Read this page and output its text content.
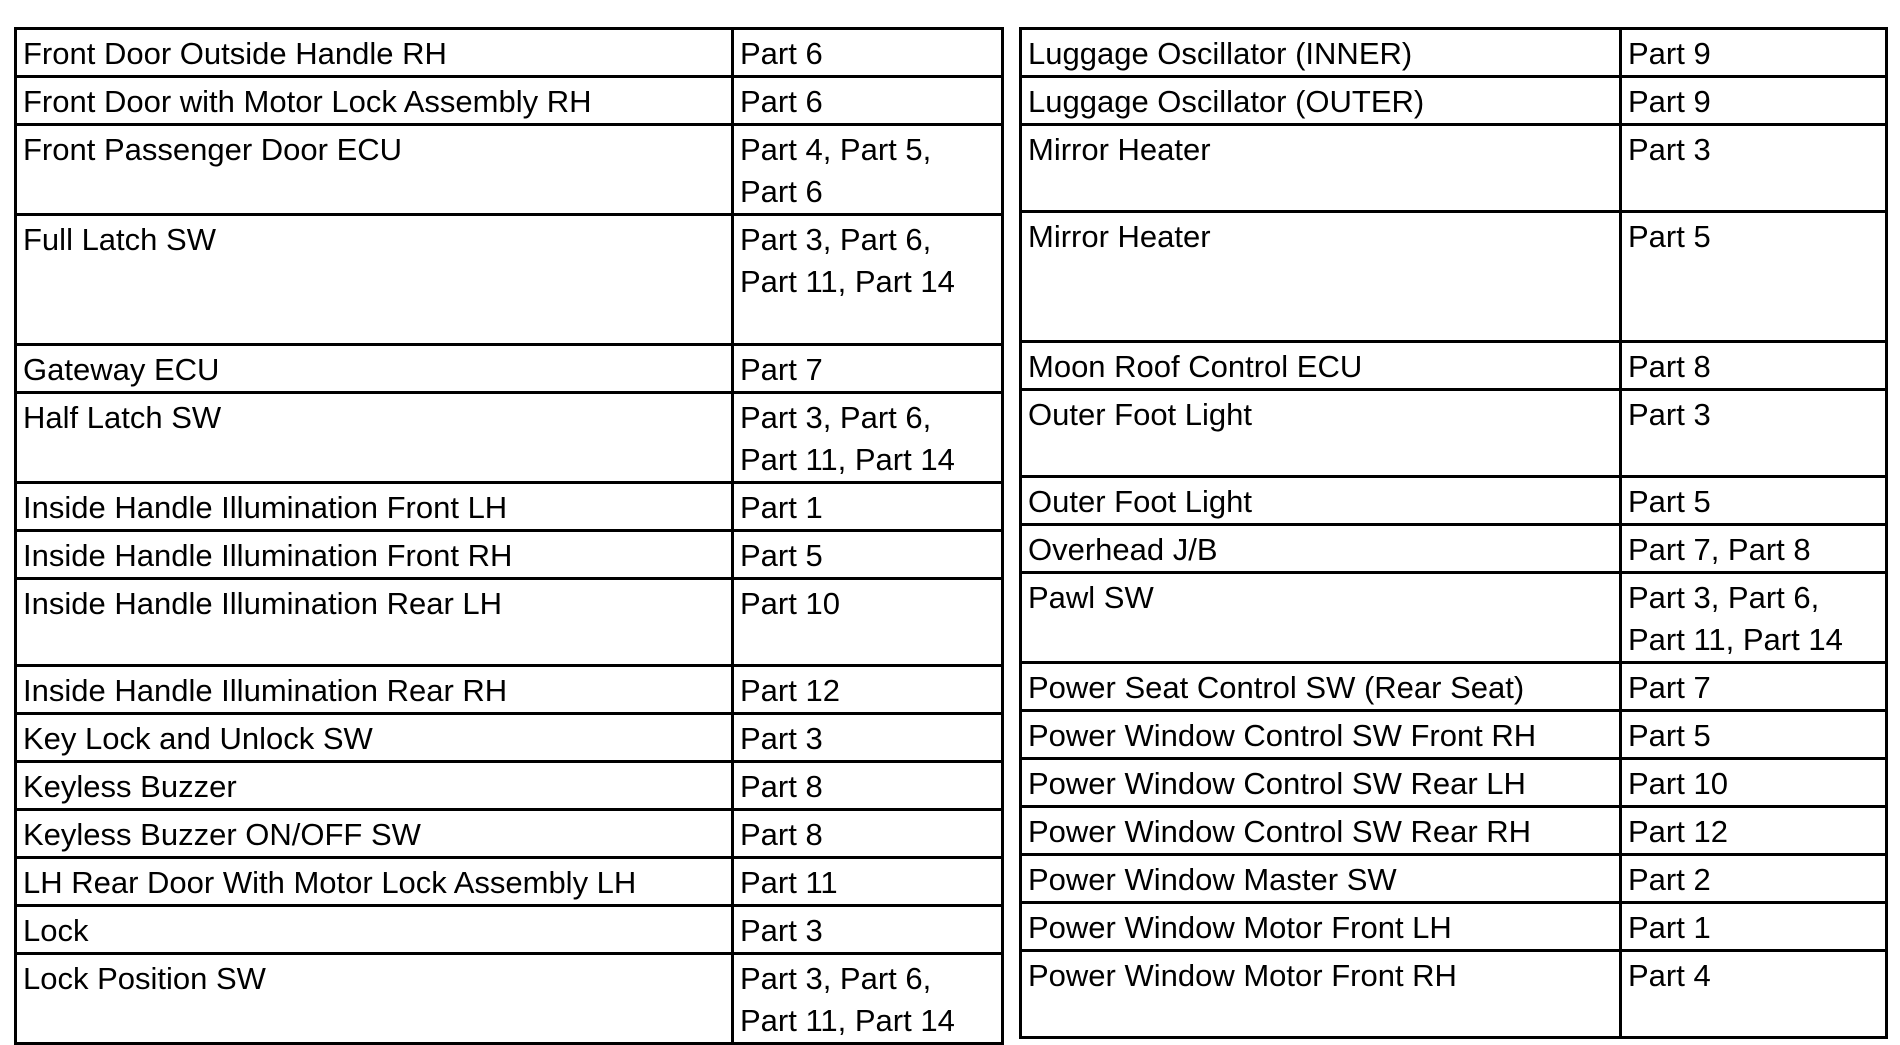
Front Door Outside Handle RH	Part 6

Front Door with Motor Lock Assembly RH	Part 6

Front Passenger Door ECU	Part 4, Part 5,
Part 6

Full Latch SW	Part 3, Part 6,
Part 11, Part 14

Gateway ECU	Part 7

Half Latch SW	Part 3, Part 6,
Part 11, Part 14

Inside Handle Illumination Front LH	Part 1

Inside Handle Illumination Front RH	Part 5

Inside Handle Illumination Rear LH	Part 10

Inside Handle Illumination Rear RH	Part 12

Key Lock and Unlock SW	Part 3

Keyless Buzzer	Part 8

Keyless Buzzer ON/OFF SW	Part 8

LH Rear Door With Motor Lock Assembly LH	Part 11

Lock	Part 3

Lock Position SW	Part 3, Part 6,
Part 11, Part 14
Luggage Oscillator (INNER)	Part 9

Luggage Oscillator (OUTER)	Part 9

Mirror Heater	Part 3

Mirror Heater	Part 5

Moon Roof Control ECU	Part 8

Outer Foot Light	Part 3

Outer Foot Light	Part 5

Overhead J/B	Part 7, Part 8

Pawl SW	Part 3, Part 6,
Part 11, Part 14

Power Seat Control SW (Rear Seat)	Part 7

Power Window Control SW Front RH	Part 5

Power Window Control SW Rear LH	Part 10

Power Window Control SW Rear RH	Part 12

Power Window Master SW	Part 2

Power Window Motor Front LH	Part 1

Power Window Motor Front RH	Part 4
